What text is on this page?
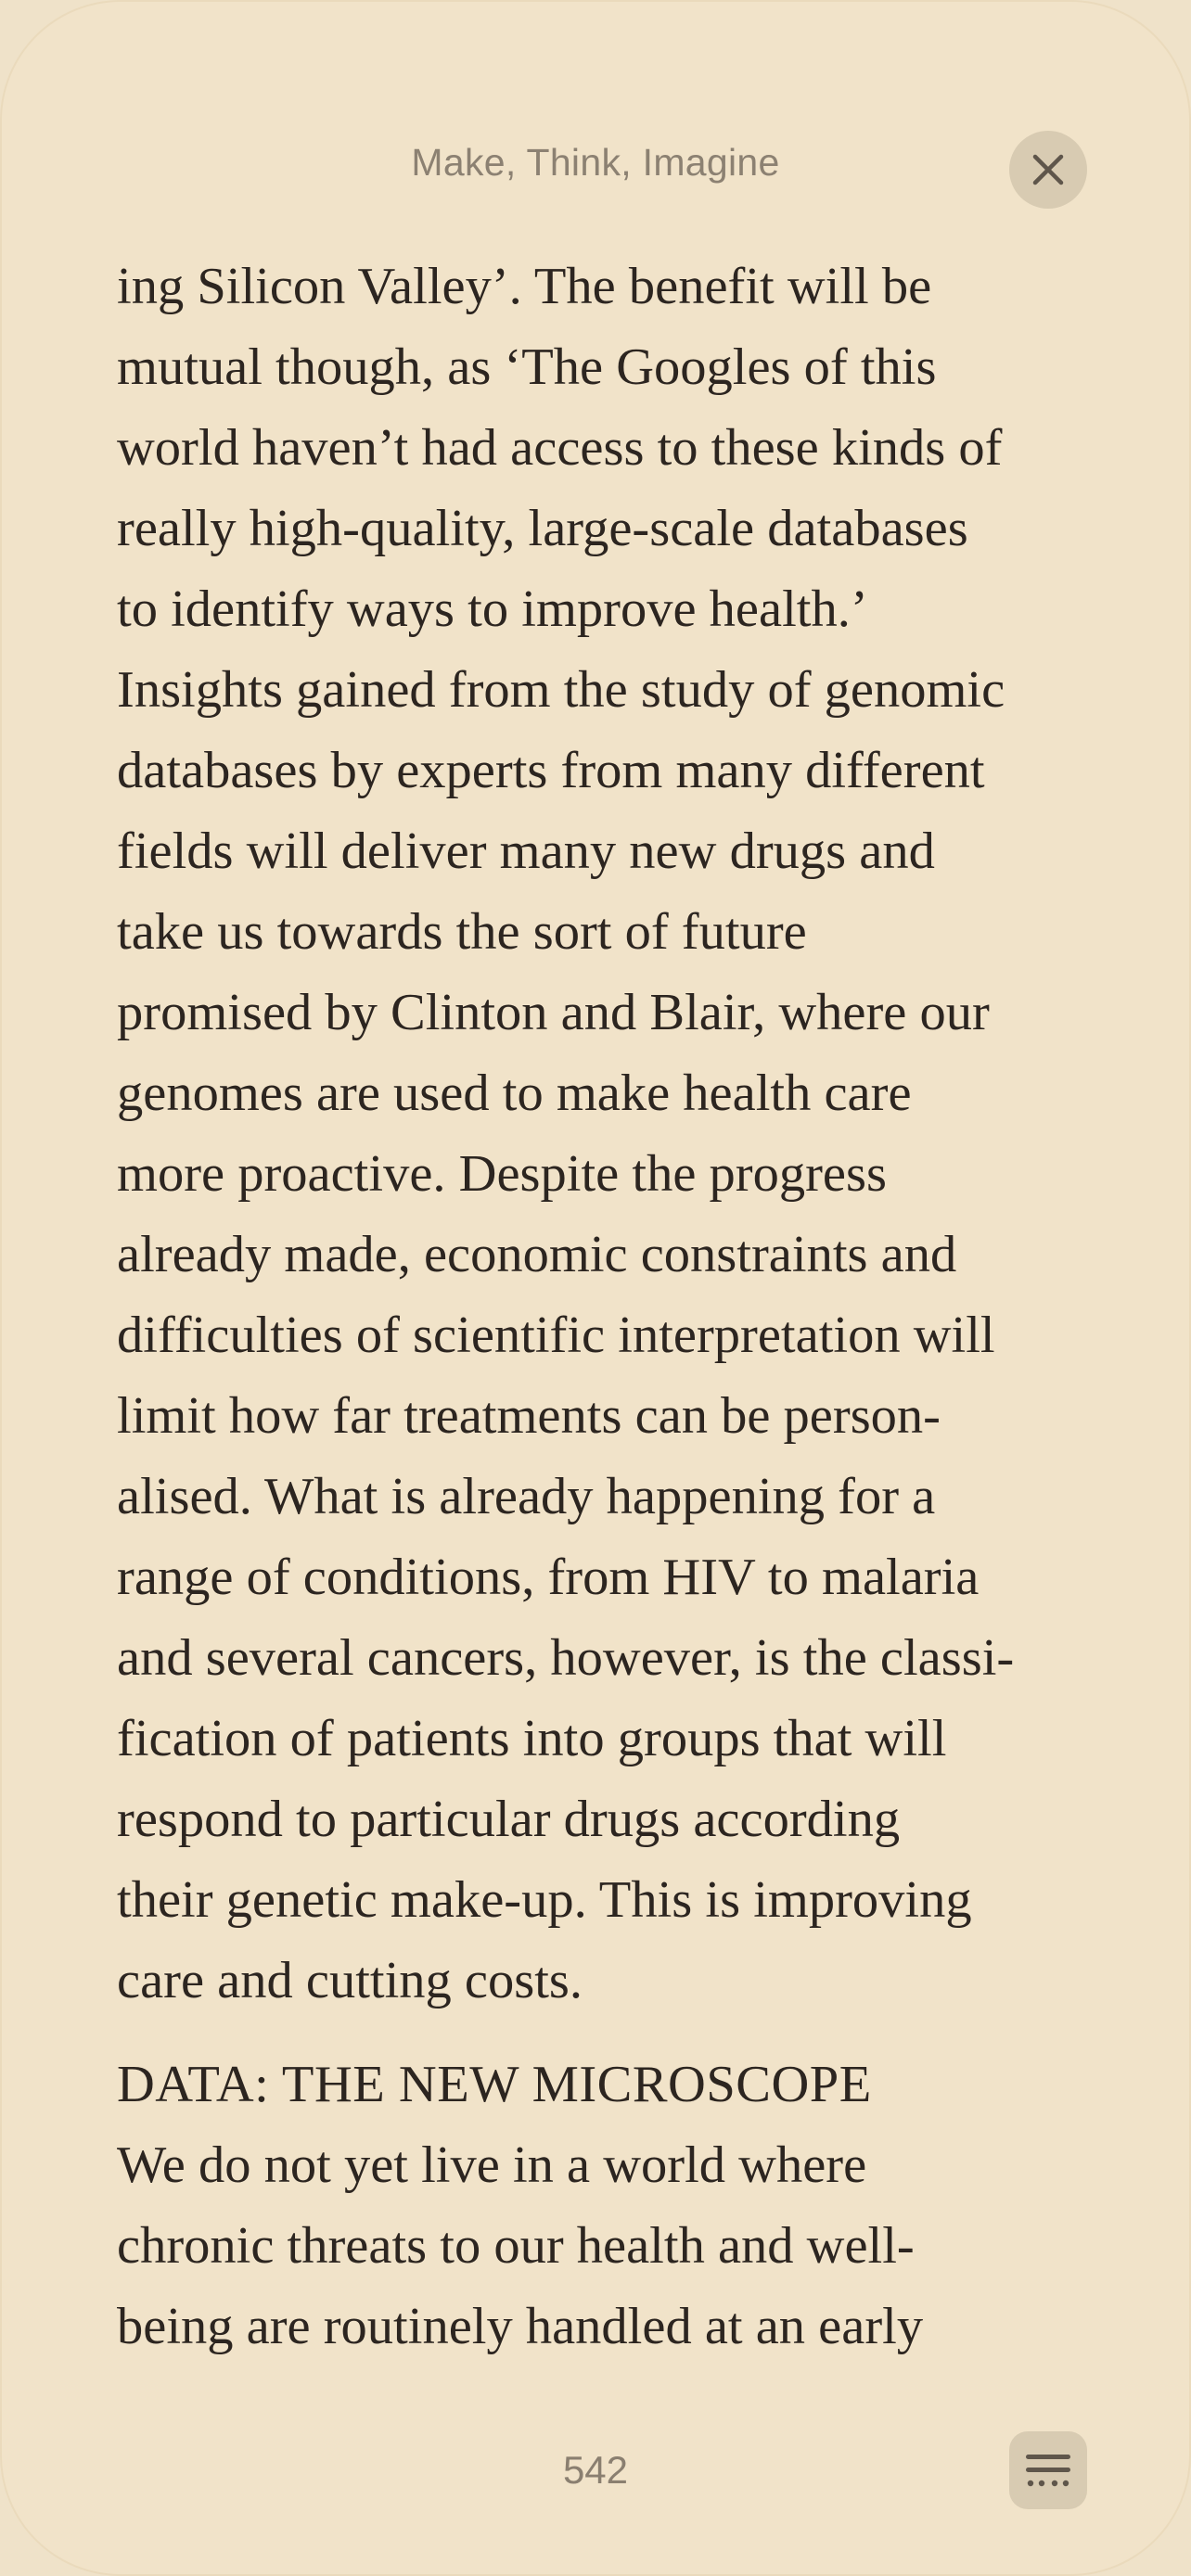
Make, Think, Imagine
ing Silicon Valley’. The benefit will be
mutual though, as ‘The Googles of this
world haven’t had access to these kinds of
really high-quality, large-scale databases
to identify ways to improve health.’
Insights gained from the study of genomic
databases by experts from many different
fields will deliver many new drugs and
take us towards the sort of future
promised by Clinton and Blair, where our
genomes are used to make health care
more proactive. Despite the progress
already made, economic constraints and
difficulties of scientific interpretation will
limit how far treatments can be person-
alised. What is already happening for a
range of conditions, from HIV to malaria
and several cancers, however, is the classi-
fication of patients into groups that will
respond to particular drugs according
their genetic make-up. This is improving
care and cutting costs.
DATA: THE NEW MICROSCOPE
We do not yet live in a world where
chronic threats to our health and well-
being are routinely handled at an early
542
